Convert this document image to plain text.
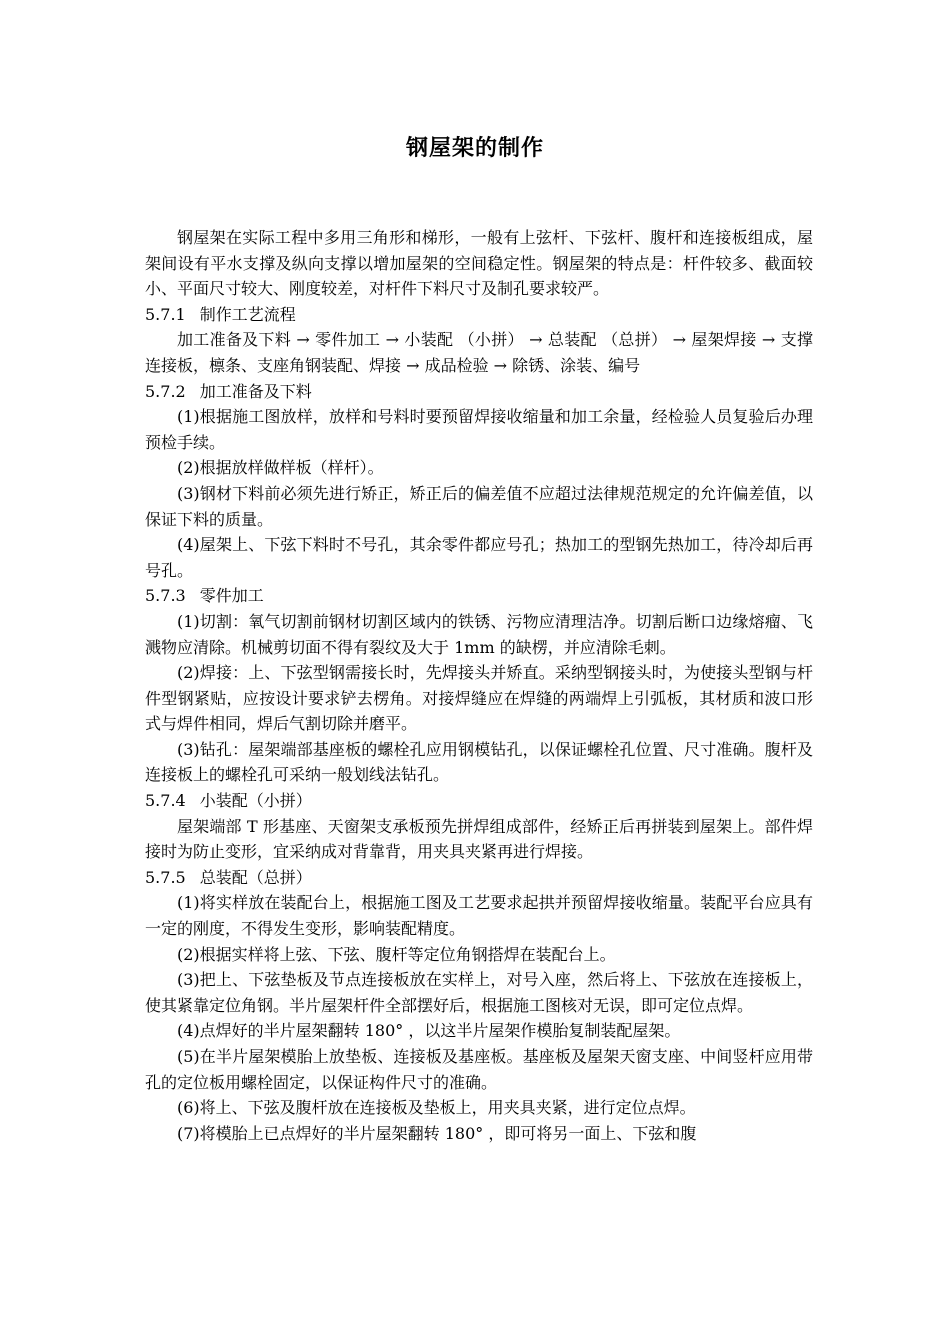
钢屋架的制作

钢屋架在实际工程中多用三角形和梯形，一般有上弦杆、下弦杆、腹杆和连接板组成，屋架间设有平水支撑及纵向支撑以增加屋架的空间稳定性。钢屋架的特点是：杆件较多、截面较小、平面尺寸较大、刚度较差，对杆件下料尺寸及制孔要求较严。

5.7.1 制作工艺流程

加工准备及下料 → 零件加工 → 小装配 （小拼） → 总装配 （总拼） → 屋架焊接 → 支撑连接板，檩条、支座角钢装配、焊接 → 成品检验 → 除锈、涂装、编号

5.7.2 加工准备及下料

(1)根据施工图放样，放样和号料时要预留焊接收缩量和加工余量，经检验人员复验后办理预检手续。

(2)根据放样做样板（样杆）。

(3)钢材下料前必须先进行矫正，矫正后的偏差值不应超过法律规范规定的允许偏差值，以保证下料的质量。

(4)屋架上、下弦下料时不号孔，其余零件都应号孔；热加工的型钢先热加工，待冷却后再号孔。

5.7.3 零件加工

(1)切割：氧气切割前钢材切割区域内的铁锈、污物应清理洁净。切割后断口边缘熔瘤、飞溅物应清除。机械剪切面不得有裂纹及大于 1mm 的缺楞，并应清除毛刺。

(2)焊接：上、下弦型钢需接长时，先焊接头并矫直。采纳型钢接头时，为使接头型钢与杆件型钢紧贴，应按设计要求铲去楞角。对接焊缝应在焊缝的两端焊上引弧板，其材质和波口形式与焊件相同，焊后气割切除并磨平。

(3)钻孔：屋架端部基座板的螺栓孔应用钢模钻孔，以保证螺栓孔位置、尺寸准确。腹杆及连接板上的螺栓孔可采纳一般划线法钻孔。

5.7.4 小装配（小拼）

屋架端部 T 形基座、天窗架支承板预先拼焊组成部件，经矫正后再拼装到屋架上。部件焊接时为防止变形，宜采纳成对背靠背，用夹具夹紧再进行焊接。

5.7.5 总装配（总拼）

(1)将实样放在装配台上，根据施工图及工艺要求起拱并预留焊接收缩量。装配平台应具有一定的刚度，不得发生变形，影响装配精度。

(2)根据实样将上弦、下弦、腹杆等定位角钢搭焊在装配台上。

(3)把上、下弦垫板及节点连接板放在实样上，对号入座，然后将上、下弦放在连接板上，使其紧靠定位角钢。半片屋架杆件全部摆好后，根据施工图核对无误，即可定位点焊。

(4)点焊好的半片屋架翻转 180° ，以这半片屋架作模胎复制装配屋架。

(5)在半片屋架模胎上放垫板、连接板及基座板。基座板及屋架天窗支座、中间竖杆应用带孔的定位板用螺栓固定，以保证构件尺寸的准确。

(6)将上、下弦及腹杆放在连接板及垫板上，用夹具夹紧，进行定位点焊。

(7)将模胎上已点焊好的半片屋架翻转 180° ，即可将另一面上、下弦和腹
